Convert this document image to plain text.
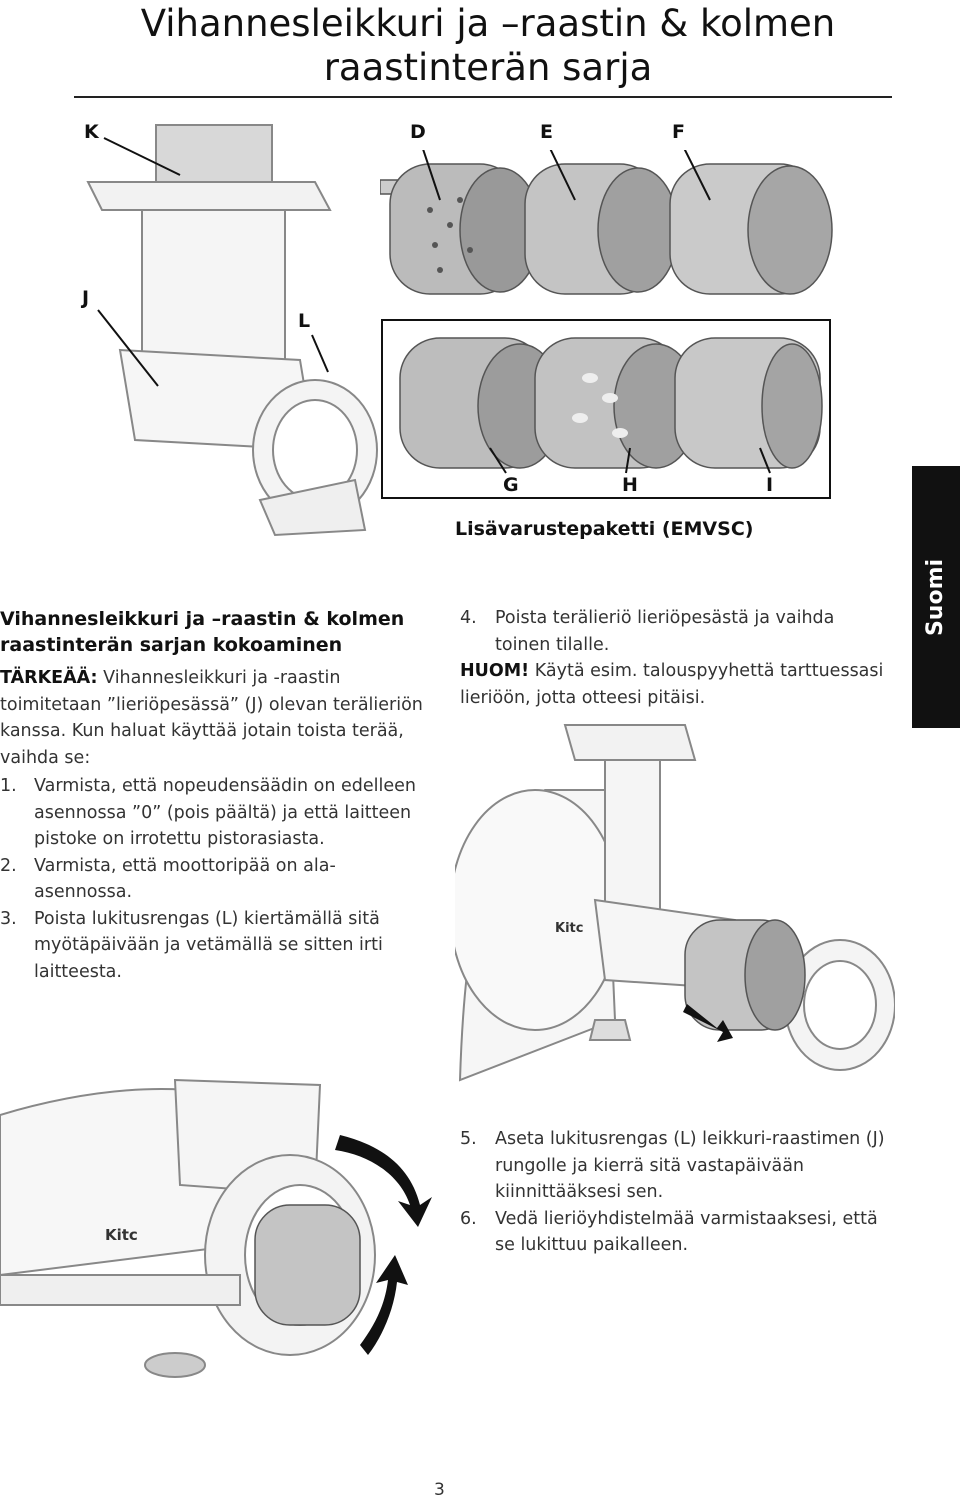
Vihannesleikkuri ja –raastin & kolmen raastinterän sarja
K
J
L
D	E	F
G	H	I
Lisävarustepaketti (EMVSC)
Suomi
Vihannesleikkuri ja –raastin & kolmen raastinterän sarjan kokoaminen

TÄRKEÄÄ: Vihannesleikkuri ja -raastin toimitetaan ”lieriöpesässä” (J) olevan terälieriön kanssa. Kun haluat käyttää jotain toista terää, vaihda se:

1. Varmista, että nopeudensäädin on edelleen asennossa ”0” (pois päältä) ja että laitteen pistoke on irrotettu pistorasiasta.
2. Varmista, että moottoripää on ala-asennossa.
3. Poista lukitusrengas (L) kiertämällä sitä myötäpäivään ja vetämällä se sitten irti laitteesta.
4. Poista terälieriö lieriöpesästä ja vaihda toinen tilalle.

HUOM! Käytä esim. talouspyyhettä tarttuessasi lieriöön, jotta otteesi pitäisi.

Kitc
Kitc
5. Aseta lukitusrengas (L) leikkuri-raastimen (J) rungolle ja kierrä sitä vastapäivään kiinnittääksesi sen.
6. Vedä lieriöyhdistelmää varmistaaksesi, että se lukittuu paikalleen.
3
